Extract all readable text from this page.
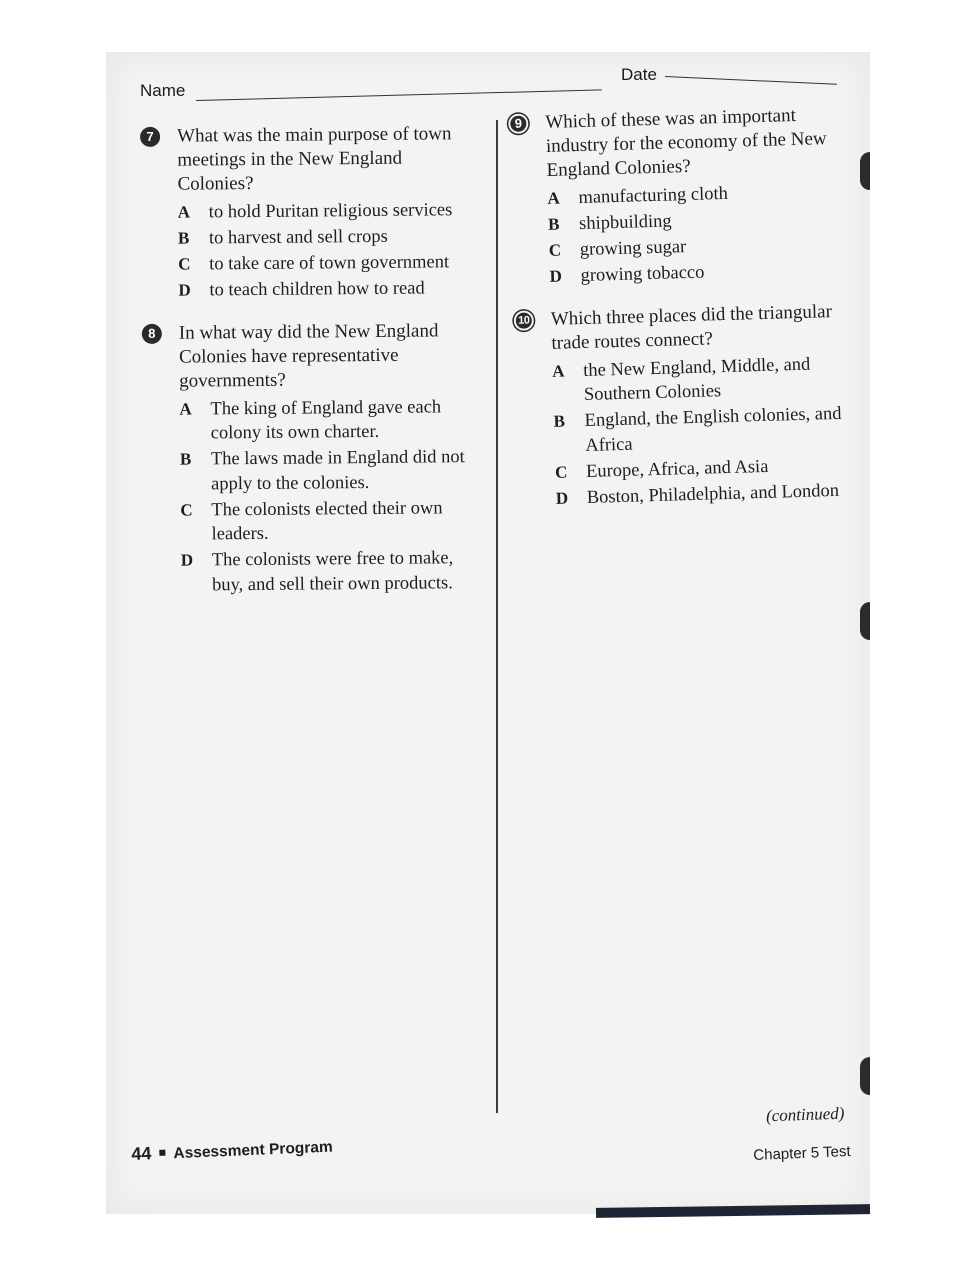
Name
Date
7	What was the main purpose of town meetings in the New England Colonies?
A	to hold Puritan religious services
B	to harvest and sell crops
C	to take care of town government
D	to teach children how to read
8	In what way did the New England Colonies have representative governments?
A	The king of England gave each colony its own charter.
B	The laws made in England did not apply to the colonies.
C	The colonists elected their own leaders.
D	The colonists were free to make, buy, and sell their own products.
9	Which of these was an important industry for the economy of the New England Colonies?
A manufacturing cloth
B	shipbuilding
C growing sugar
D growing tobacco
10 Which three places did the triangular trade routes connect?
A the New England, Middle, and Southern Colonies
B	England, the English colonies, and Africa
C Europe, Africa, and Asia
D Boston, Philadelphia, and London
(continued)
44 Assessment Program	Chapter 5 Test
